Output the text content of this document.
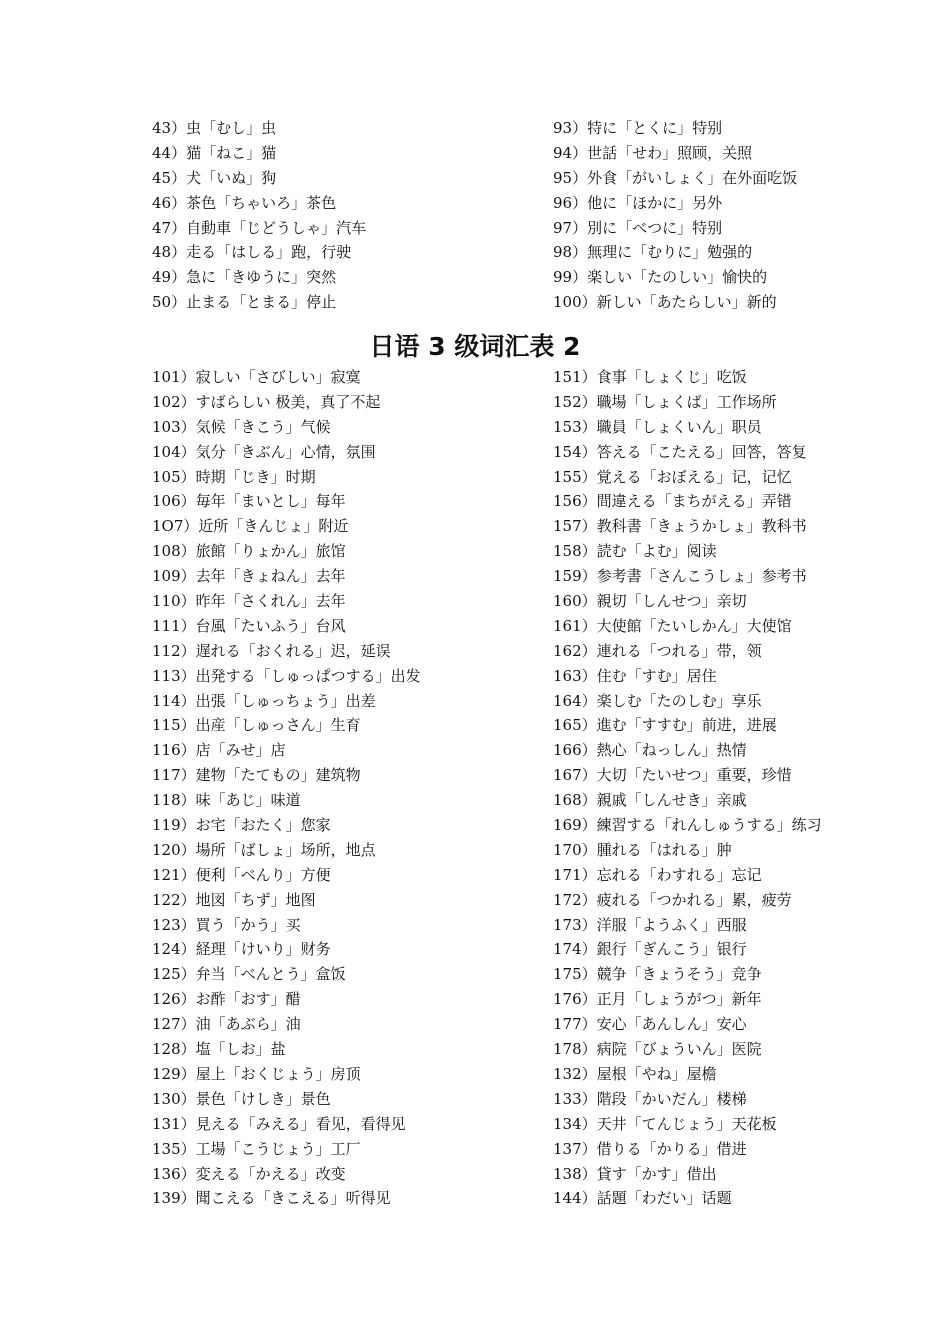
43）虫「むし」虫
44）猫「ねこ」猫
45）犬「いぬ」狗
46）茶色「ちゃいろ」茶色
47）自動車「じどうしゃ」汽车
48）走る「はしる」跑，行驶
49）急に「きゆうに」突然
50）止まる「とまる」停止
93）特に「とくに」特别
94）世話「せわ」照顾，关照
95）外食「がいしょく」在外面吃饭
96）他に「ほかに」另外
97）別に「べつに」特别
98）無理に「むりに」勉强的
99）楽しい「たのしい」愉快的
100）新しい「あたらしい」新的
日语 3 级词汇表 2
101）寂しい「さびしい」寂寞
102）すばらしい 极美，真了不起
103）気候「きこう」气候
104）気分「きぶん」心情，氛围
105）時期「じき」时期
106）毎年「まいとし」每年
1O7）近所「きんじょ」附近
108）旅館「りょかん」旅馆
109）去年「きょねん」去年
110）昨年「さくれん」去年
111）台風「たいふう」台风
112）遅れる「おくれる」迟，延误
113）出発する「しゅっぱつする」出发
114）出張「しゅっちょう」出差
115）出産「しゅっさん」生育
116）店「みせ」店
117）建物「たてもの」建筑物
118）味「あじ」味道
119）お宅「おたく」您家
120）場所「ばしょ」场所，地点
121）便利「べんり」方便
122）地図「ちず」地图
123）買う「かう」买
124）経理「けいり」财务
125）弁当「べんとう」盒饭
126）お酢「おす」醋
127）油「あぶら」油
128）塩「しお」盐
129）屋上「おくじょう」房顶
130）景色「けしき」景色
131）見える「みえる」看见，看得见
135）工場「こうじょう」工厂
136）変える「かえる」改变
139）聞こえる「きこえる」听得见
151）食事「しょくじ」吃饭
152）職場「しょくば」工作场所
153）職員「しょくいん」职员
154）答える「こたえる」回答，答复
155）覚える「おぼえる」记，记忆
156）間違える「まちがえる」弄错
157）教科書「きょうかしょ」教科书
158）読む「よむ」阅读
159）参考書「さんこうしょ」参考书
160）親切「しんせつ」亲切
161）大使館「たいしかん」大使馆
162）連れる「つれる」带，领
163）住む「すむ」居住
164）楽しむ「たのしむ」享乐
165）進む「すすむ」前进，进展
166）熱心「ねっしん」热情
167）大切「たいせつ」重要，珍惜
168）親戚「しんせき」亲戚
169）練習する「れんしゅうする」练习
170）腫れる「はれる」肿
171）忘れる「わすれる」忘记
172）疲れる「つかれる」累，疲劳
173）洋服「ようふく」西服
174）銀行「ぎんこう」银行
175）競争「きょうそう」竞争
176）正月「しょうがつ」新年
177）安心「あんしん」安心
178）病院「びょういん」医院
132）屋根「やね」屋檐
133）階段「かいだん」楼梯
134）天井「てんじょう」天花板
137）借りる「かりる」借进
138）貸す「かす」借出
144）話題「わだい」话题
